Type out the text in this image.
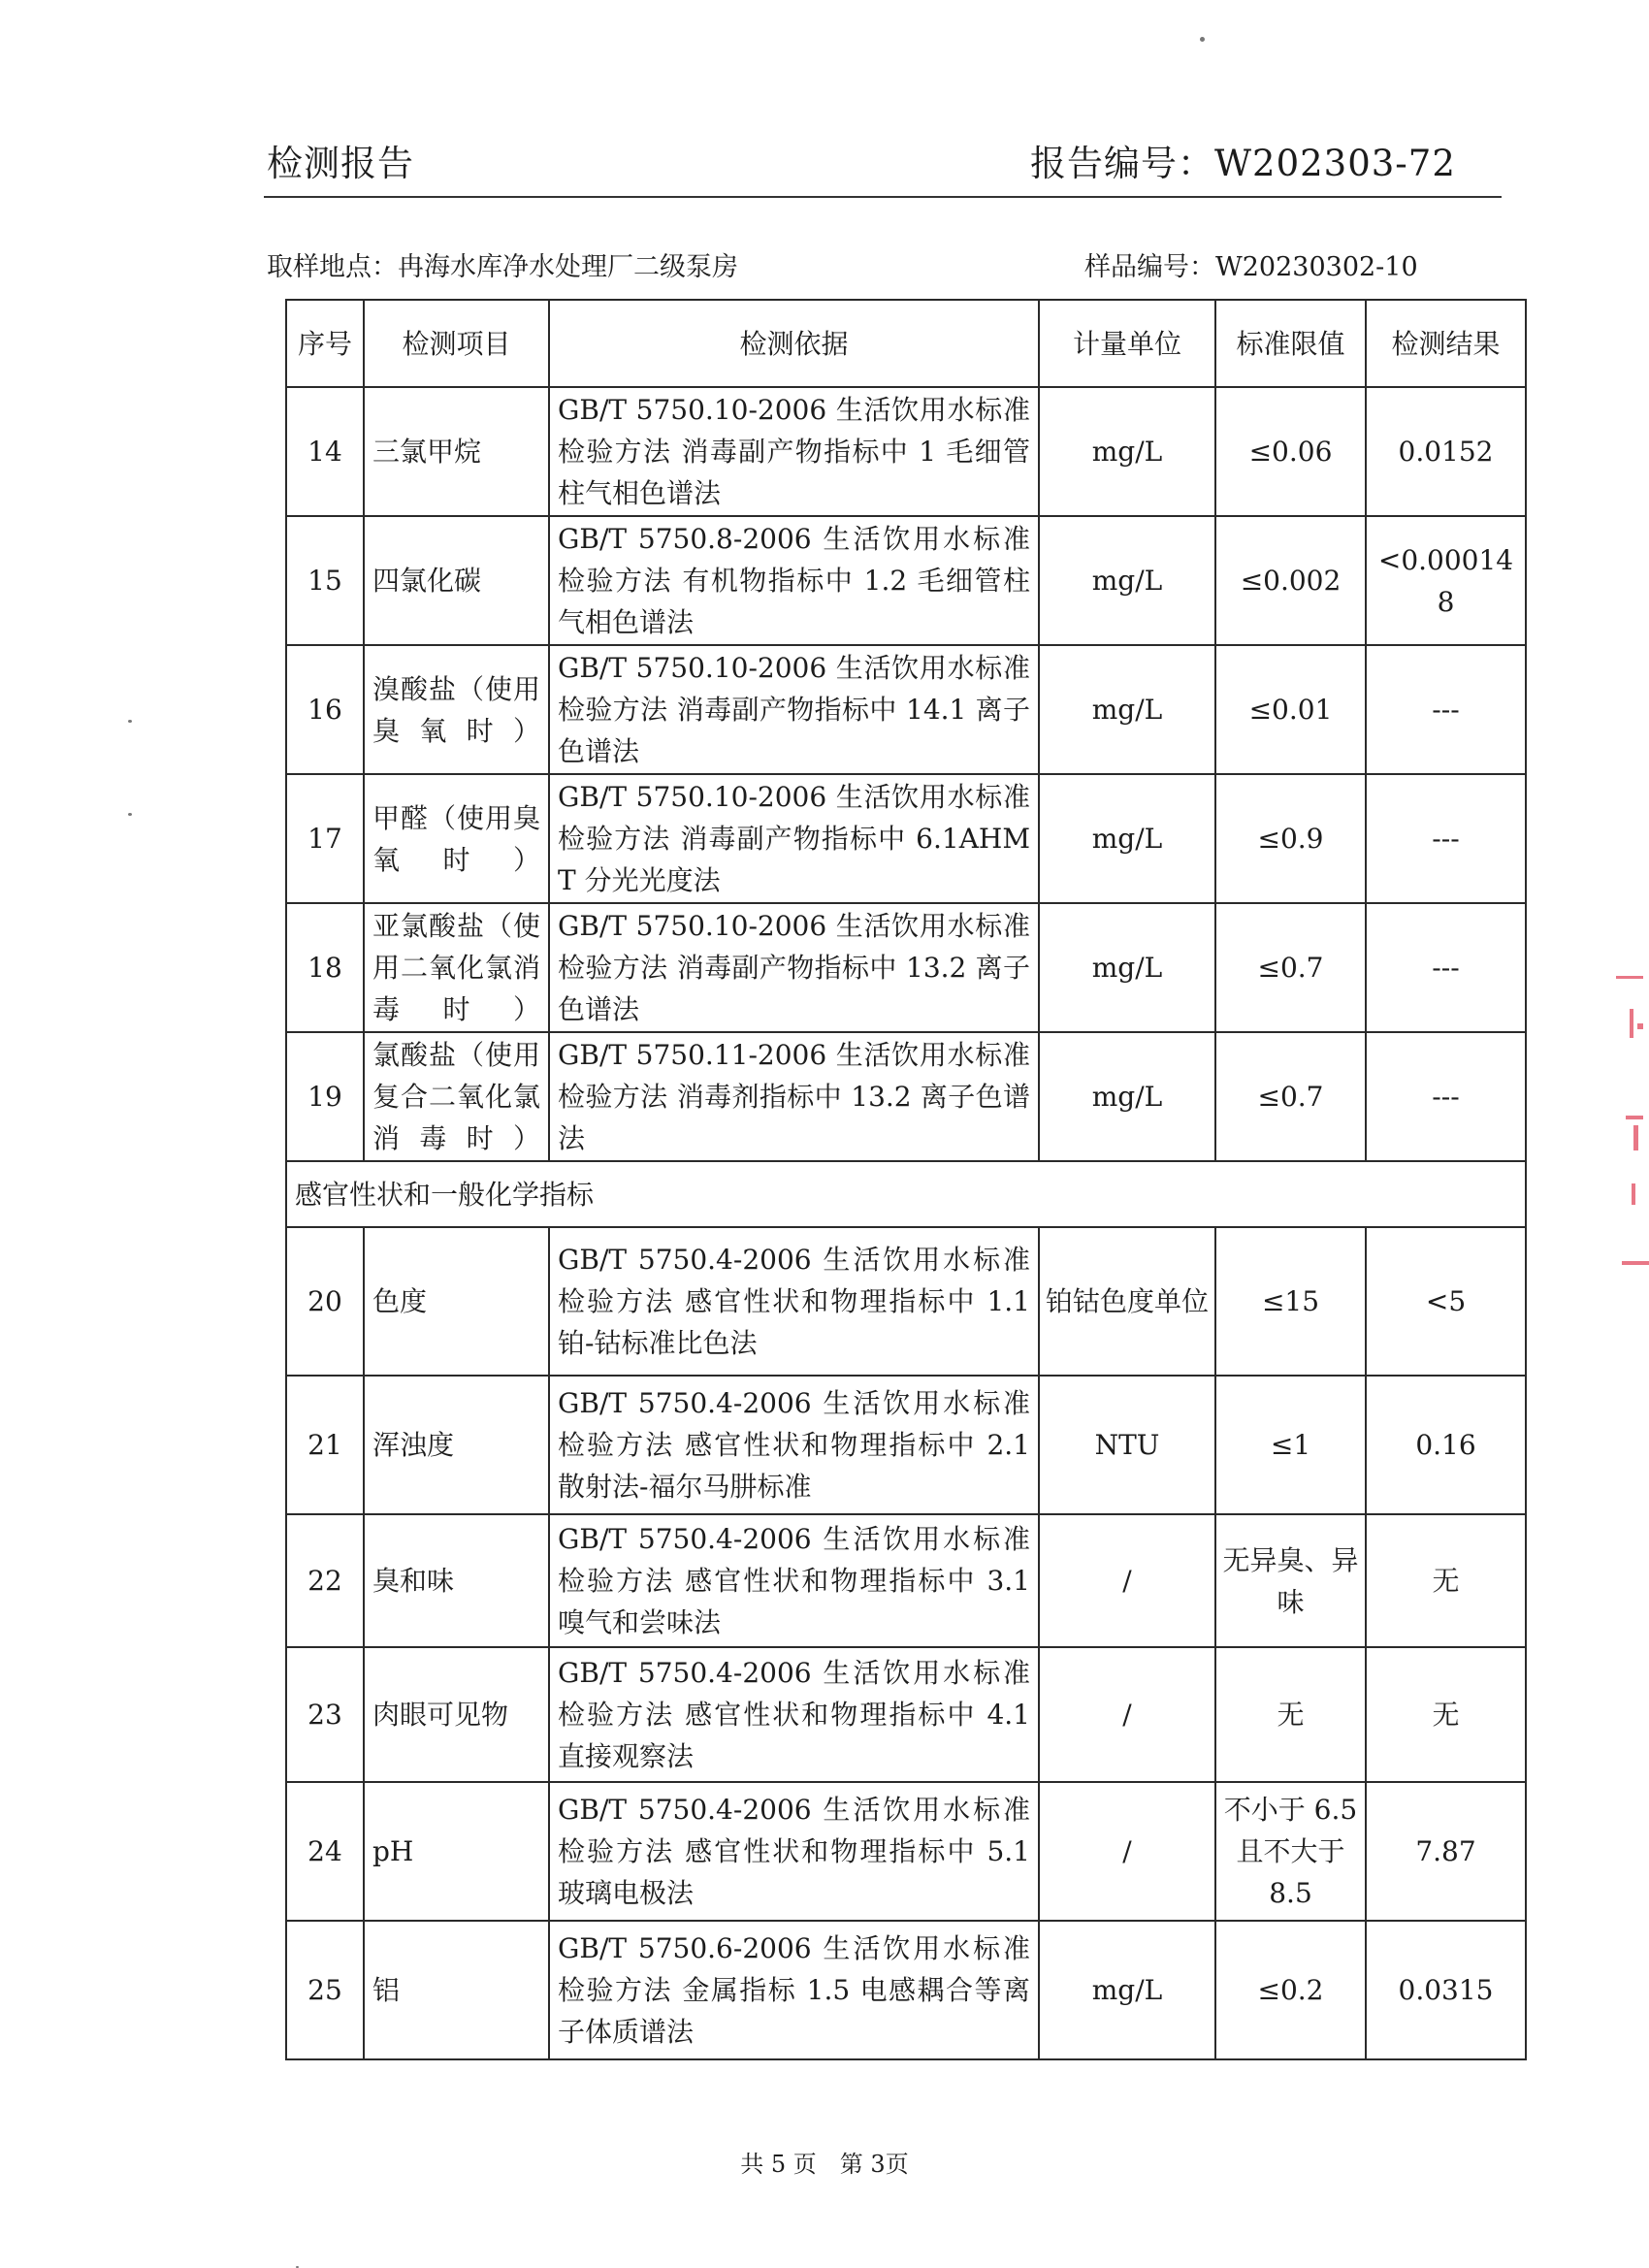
检测报告	报告编号：W202303-72
取样地点：冉海水库净水处理厂二级泵房	样品编号：W20230302-10
序号	检测项目	检测依据	计量单位	标准限值	检测结果
14	三氯甲烷	GB/T 5750.10-2006 生活饮用水标准检验方法 消毒副产物指标中 1 毛细管柱气相色谱法	mg/L	≤0.06	0.0152
15	四氯化碳	GB/T 5750.8-2006 生活饮用水标准检验方法 有机物指标中 1.2 毛细管柱气相色谱法	mg/L	≤0.002	<0.000148
16	溴酸盐（使用臭氧时）	GB/T 5750.10-2006 生活饮用水标准检验方法 消毒副产物指标中 14.1 离子色谱法	mg/L	≤0.01	---
17	甲醛（使用臭氧时）	GB/T 5750.10-2006 生活饮用水标准检验方法 消毒副产物指标中 6.1AHMT 分光光度法	mg/L	≤0.9	---
18	亚氯酸盐（使用二氧化氯消毒时）	GB/T 5750.10-2006 生活饮用水标准检验方法 消毒副产物指标中 13.2 离子色谱法	mg/L	≤0.7	---
19	氯酸盐（使用复合二氧化氯消毒时）	GB/T 5750.11-2006 生活饮用水标准检验方法 消毒剂指标中 13.2 离子色谱法	mg/L	≤0.7	---
感官性状和一般化学指标					
20	色度	GB/T 5750.4-2006 生活饮用水标准检验方法 感官性状和物理指标中 1.1 铂-钴标准比色法	铂钴色度单位	≤15	<5
21	浑浊度	GB/T 5750.4-2006 生活饮用水标准检验方法 感官性状和物理指标中 2.1 散射法-福尔马肼标准	NTU	≤1	0.16
22	臭和味	GB/T 5750.4-2006 生活饮用水标准检验方法 感官性状和物理指标中 3.1 嗅气和尝味法	/	无异臭、异味	无
23	肉眼可见物	GB/T 5750.4-2006 生活饮用水标准检验方法 感官性状和物理指标中 4.1 直接观察法	/	无	无
24	pH	GB/T 5750.4-2006 生活饮用水标准检验方法 感官性状和物理指标中 5.1 玻璃电极法	/	不小于 6.5 且不大于 8.5	7.87
25	铝	GB/T 5750.6-2006 生活饮用水标准检验方法 金属指标 1.5 电感耦合等离子体质谱法	mg/L	≤0.2	0.0315
共 5 页　第 3页
